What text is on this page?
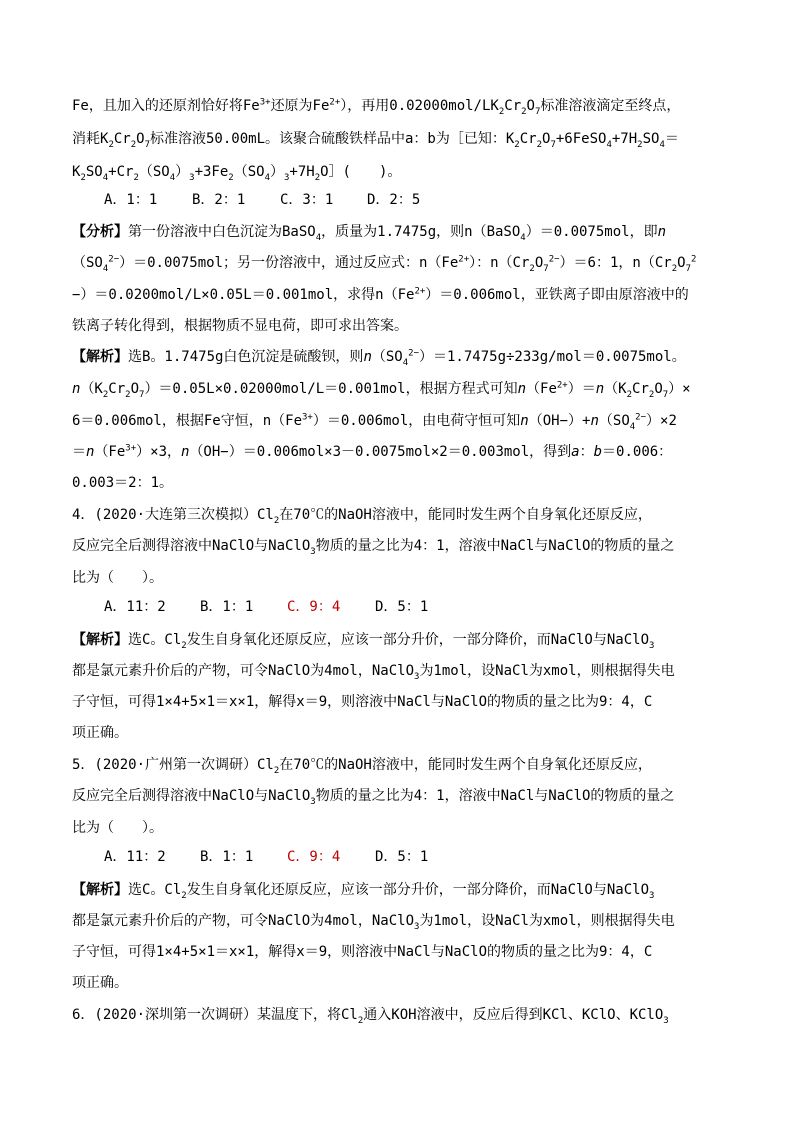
Fe，且加入的还原剂恰好将$Fe^{3+}$还原为$Fe^{2+}$），再用$0.02000mol/LK_2Cr_2O_7$标准溶液滴定至终点，
消耗$K_2Cr_2O_7$标准溶液50.00mL。该聚合硫酸铁样品中a：b为［已知：$K_2Cr_2O_7+6FeSO_4+7H_2SO_4=$
$K_2SO_4+Cr_2(SO_4)_3+3Fe_2(SO_4)_3+7H_2O]$(　　)。
A．1：1 B．2：1 C．3：1 D．2：5
【分析】第一份溶液中白色沉淀为BaSO$_4$，质量为1.7475g，则n（BaSO$_4$）＝0.0075mol，即n
$(SO_4^{2-})=0.0075mol$；另一份溶液中，通过反应式：$n(Fe^{2+})$：$n(Cr_2O_7^{2-})=6$：1，$n(Cr_2O_7^2$
−）＝0.0200mol/L×0.05L＝0.001mol，求得$n(Fe^{2+})=0.006mol$，亚铁离子即由原溶液中的
铁离子转化得到，根据物质不显电荷，即可求出答案。
【解析】选B。1.7475g白色沉淀是硫酸钡，则$n(SO_4^{2-})=1.7475g\div 233g/mol=0.0075mol$。
$n(K_2Cr_2O_7)=0.05L\times 0.02000mol/L=0.001mol$，根据方程式可知$n(Fe^{2+})=n(K_2Cr_2O_7)\times$
6＝0.006mol，根据Fe守恒，$n(Fe^{3+})=0.006mol$，由电荷守恒可知$n(OH-)+n(SO_4^{2-})\times 2$
$=n(Fe^{3+})\times 3$，n（OH−）＝0.006mol×3－0.0075mol×2＝0.003mol，得到a：b＝0.006：
0.003＝2：1。
4．(2020·大连第三次模拟）$Cl_2$在70℃的NaOH溶液中，能同时发生两个自身氧化还原反应，
反应完全后测得溶液中NaClO与NaClO$_3$物质的量之比为4：1，溶液中NaCl与NaClO的物质的量之
比为（　　）。
A．11：2 B．1：1 C．9：4 D．5：1
【解析】选C。$Cl_2$发生自身氧化还原反应，应该一部分升价，一部分降价，而NaClO与NaClO$_3$
都是氯元素升价后的产物，可令NaClO为4mol，NaClO$_3$为1mol，设NaCl为xmol，则根据得失电
子守恒，可得1×4+5×1＝x×1，解得x＝9，则溶液中NaCl与NaClO的物质的量之比为9：4，C
项正确。
5．(2020·广州第一次调研）$Cl_2$在70℃的NaOH溶液中，能同时发生两个自身氧化还原反应，
反应完全后测得溶液中NaClO与NaClO$_3$物质的量之比为4：1，溶液中NaCl与NaClO的物质的量之
比为（　　）。
A．11：2 B．1：1 C．9：4 D．5：1
【解析】选C。$Cl_2$发生自身氧化还原反应，应该一部分升价，一部分降价，而NaClO与NaClO$_3$
都是氯元素升价后的产物，可令NaClO为4mol，NaClO$_3$为1mol，设NaCl为xmol，则根据得失电
子守恒，可得1×4+5×1＝x×1，解得x＝9，则溶液中NaCl与NaClO的物质的量之比为9：4，C
项正确。
6．(2020·深圳第一次调研）某温度下，将$Cl_2$通入KOH溶液中，反应后得到KCl、KClO、KClO$_3$
